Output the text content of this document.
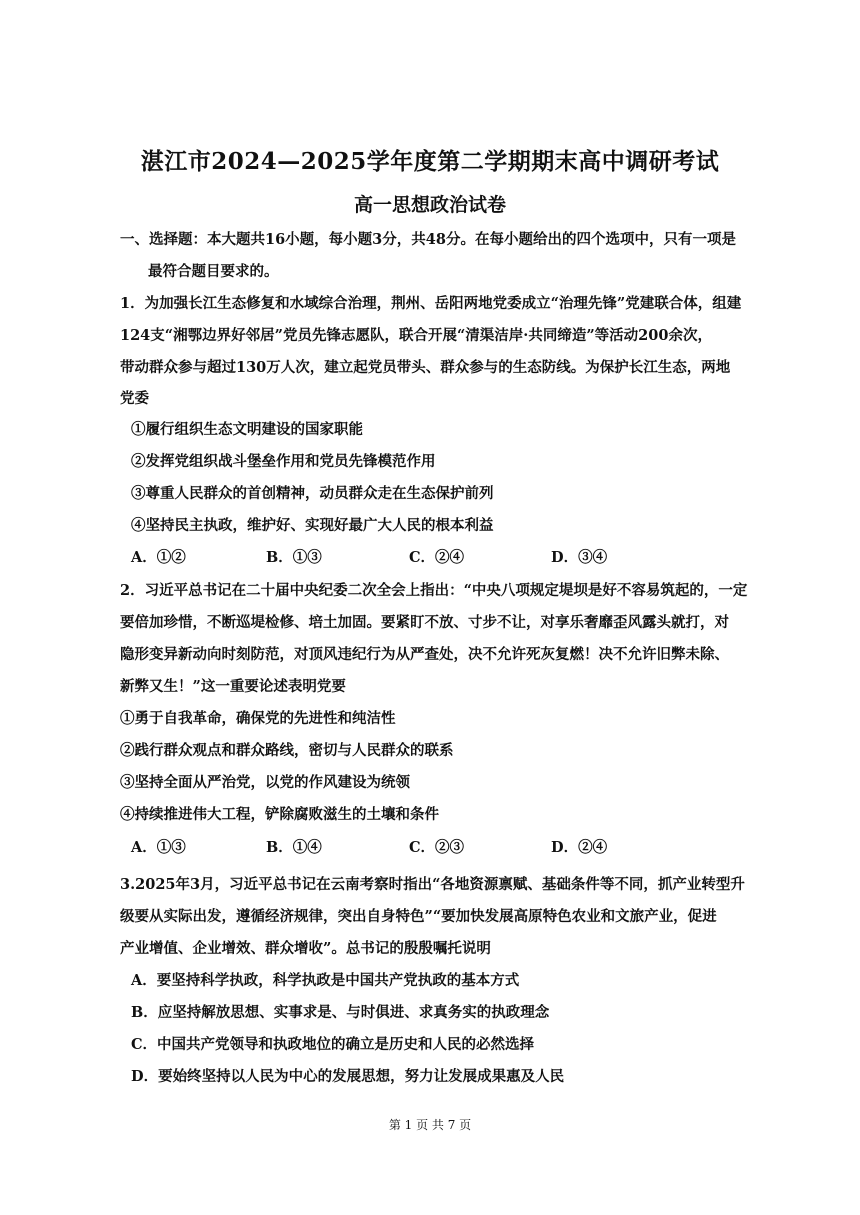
湛江市2024—2025学年度第二学期期末高中调研考试
高一思想政治试卷
一、选择题：本大题共16小题，每小题3分，共48分。在每小题给出的四个选项中，只有一项是
最符合题目要求的。
1．为加强长江生态修复和水域综合治理，荆州、岳阳两地党委成立“治理先锋”党建联合体，组建
124支“湘鄂边界好邻居”党员先锋志愿队，联合开展“清渠洁岸·共同缔造”等活动200余次，
带动群众参与超过130万人次，建立起党员带头、群众参与的生态防线。为保护长江生态，两地
党委
①履行组织生态文明建设的国家职能
②发挥党组织战斗堡垒作用和党员先锋模范作用
③尊重人民群众的首创精神，动员群众走在生态保护前列
④坚持民主执政，维护好、实现好最广大人民的根本利益
A．①②	B．①③	C．②④	D．③④
2．习近平总书记在二十届中央纪委二次全会上指出：“中央八项规定堤坝是好不容易筑起的，一定
要倍加珍惜，不断巡堤检修、培土加固。要紧盯不放、寸步不让，对享乐奢靡歪风露头就打，对
隐形变异新动向时刻防范，对顶风违纪行为从严查处，决不允许死灰复燃！决不允许旧弊未除、
新弊又生！”这一重要论述表明党要
①勇于自我革命，确保党的先进性和纯洁性
②践行群众观点和群众路线，密切与人民群众的联系
③坚持全面从严治党，以党的作风建设为统领
④持续推进伟大工程，铲除腐败滋生的土壤和条件
A．①③	B．①④	C．②③	D．②④
3.2025年3月，习近平总书记在云南考察时指出“各地资源禀赋、基础条件等不同，抓产业转型升
级要从实际出发，遵循经济规律，突出自身特色”“要加快发展高原特色农业和文旅产业，促进
产业增值、企业增效、群众增收”。总书记的殷殷嘱托说明
A．要坚持科学执政，科学执政是中国共产党执政的基本方式
B．应坚持解放思想、实事求是、与时俱进、求真务实的执政理念
C．中国共产党领导和执政地位的确立是历史和人民的必然选择
D．要始终坚持以人民为中心的发展思想，努力让发展成果惠及人民
第 1 页 共 7 页
